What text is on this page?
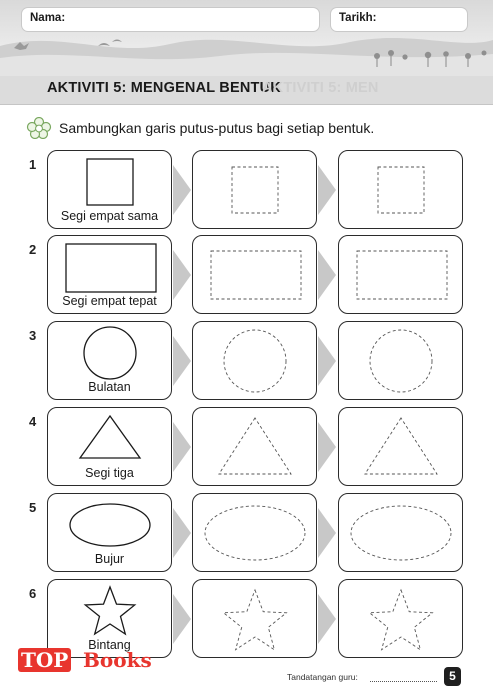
Nama:	Tarikh:
AKTIVITI 5: MENGENAL BENTUK
AKTIVITI 5: MEN
Sambungkan garis putus-putus bagi setiap bentuk.
1
Segi empat sama
2
Segi empat tepat
3
Bulatan
4
Segi tiga
5
Bujur
6
Bintang
Tandatangan guru:	5
TOP Books
